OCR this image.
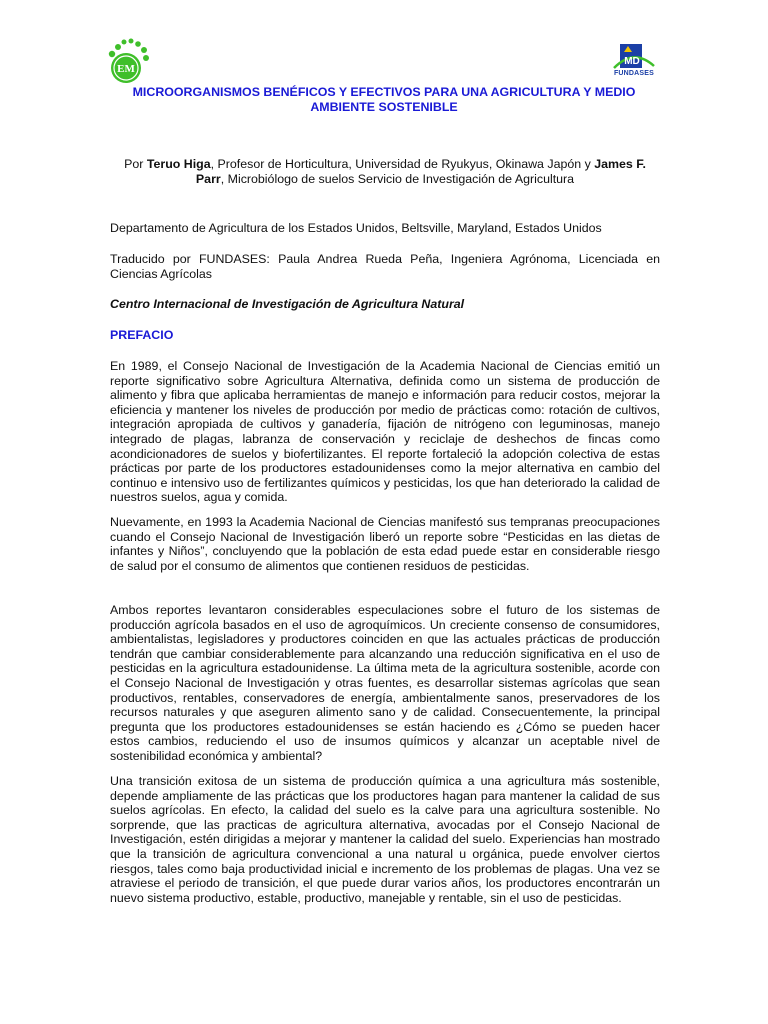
EM
MD
FUNDASES
MICROORGANISMOS BENÉFICOS Y EFECTIVOS PARA UNA AGRICULTURA Y MEDIO AMBIENTE SOSTENIBLE
Por Teruo Higa, Profesor de Horticultura, Universidad de Ryukyus, Okinawa Japón y James F. Parr, Microbiólogo de suelos Servicio de Investigación de Agricultura
Departamento de Agricultura de los Estados Unidos, Beltsville, Maryland, Estados Unidos
Traducido por FUNDASES: Paula Andrea Rueda Peña, Ingeniera Agrónoma, Licenciada en Ciencias Agrícolas
Centro Internacional de Investigación de Agricultura Natural
PREFACIO
En 1989, el Consejo Nacional de Investigación de la Academia Nacional de Ciencias emitió un reporte significativo sobre Agricultura Alternativa, definida como un sistema de producción de alimento y fibra que aplicaba herramientas de manejo e información para reducir costos, mejorar la eficiencia y mantener los niveles de producción por medio de prácticas como: rotación de cultivos, integración apropiada de cultivos y ganadería, fijación de nitrógeno con leguminosas, manejo integrado de plagas, labranza de conservación y reciclaje de deshechos de fincas como acondicionadores de suelos y biofertilizantes. El reporte fortaleció la adopción colectiva de estas prácticas por parte de los productores estadounidenses como la mejor alternativa en cambio del continuo e intensivo uso de fertilizantes químicos y pesticidas, los que han deteriorado la calidad de nuestros suelos, agua y comida.
Nuevamente, en 1993 la Academia Nacional de Ciencias manifestó sus tempranas preocupaciones cuando el Consejo Nacional de Investigación liberó un reporte sobre “Pesticidas en las dietas de infantes y Niños”, concluyendo que la población de esta edad puede estar en considerable riesgo de salud por el consumo de alimentos que contienen residuos de pesticidas.
Ambos reportes levantaron considerables especulaciones sobre el futuro de los sistemas de producción agrícola basados en el uso de agroquímicos. Un creciente consenso de consumidores, ambientalistas, legisladores y productores coinciden en que las actuales prácticas de producción tendrán que cambiar considerablemente para alcanzando una reducción significativa en el uso de pesticidas en la agricultura estadounidense. La última meta de la agricultura sostenible, acorde con el Consejo Nacional de Investigación y otras fuentes, es desarrollar sistemas agrícolas que sean productivos, rentables, conservadores de energía, ambientalmente sanos, preservadores de los recursos naturales y que aseguren alimento sano y de calidad. Consecuentemente, la principal pregunta que los productores estadounidenses se están haciendo es ¿Cómo se pueden hacer estos cambios, reduciendo el uso de insumos químicos y alcanzar un aceptable nivel de sostenibilidad económica y ambiental?
Una transición exitosa de un sistema de producción química a una agricultura más sostenible, depende ampliamente de las prácticas que los productores hagan para mantener la calidad de sus suelos agrícolas. En efecto, la calidad del suelo es la calve para una agricultura sostenible. No sorprende, que las practicas de agricultura alternativa, avocadas por el Consejo Nacional de Investigación, estén dirigidas a mejorar y mantener la calidad del suelo. Experiencias han mostrado que la transición de agricultura convencional a una natural u orgánica, puede envolver ciertos riesgos, tales como baja productividad inicial e incremento de los problemas de plagas. Una vez se atraviese el periodo de transición, el que puede durar varios años, los productores encontrarán un nuevo sistema productivo, estable, productivo, manejable y rentable, sin el uso de pesticidas.
